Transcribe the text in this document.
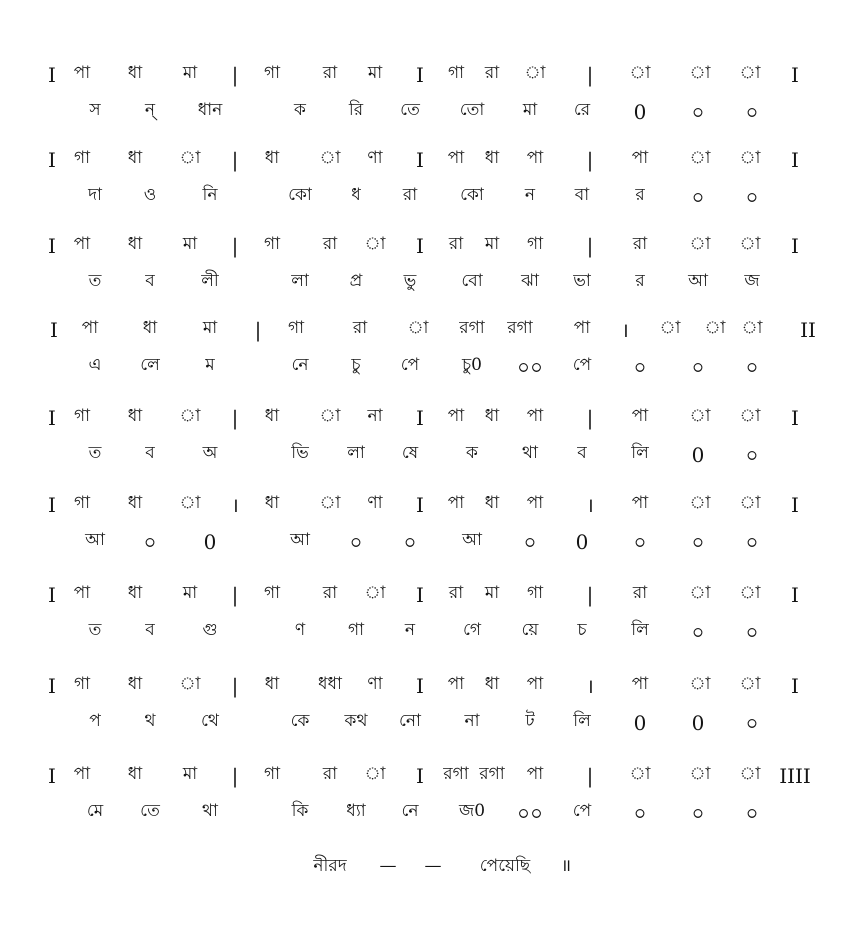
I পা ধা মা | গা	রা মা I গা রা া | া া া I
স	ন্	ধান	ক	রি তে তো মা রে 0 ০ ০
I গা ধা া | ধা া ণা I পা ধা পা | পা া া I
দা ও	নি	কো ধ রা	কো ন বা	র ০ ০
I পা ধা মা | গা	রা া I রা মা গা | রা া া I
ত	ব	লী	লা প্র ভু	বো ঝা ভা	র	আ জ
I পা	ধা	মা | গা	রা া রগা রগা পা । া া া II
এ লে	ম	নে	চু পে	চু0 ০০ পে ০ ০ ০
I গা ধা া | ধা া না I পা ধা পা | পা া া I
ত	ব	অ	ভি লা ষে	ক	থা ব	লি 0 ০
I গা ধা া । ধা া ণা I পা ধা পা । পা া া I
আ ০ 0	আ ০ ০	আ ০ 0 ০ ০ ০
I পা ধা মা | গা	রা া I রা মা গা | রা া া I
ত	ব	গু	ণ	গা ন	গে য়ে চ	লি ০ ০
I গা ধা া | ধা ধধা ণা I পা ধা পা । পা া া I
প	থ	থে	কে কথ নো	না	ট লি 0 0 ০
I পা ধা মা | গা	রা া I রগা রগা পা | া া া IIII
মে তে থা	কি ধ্যা নে জ0 ০০ পে ০ ০ ০
নীরদ — — পেয়েছি ॥
